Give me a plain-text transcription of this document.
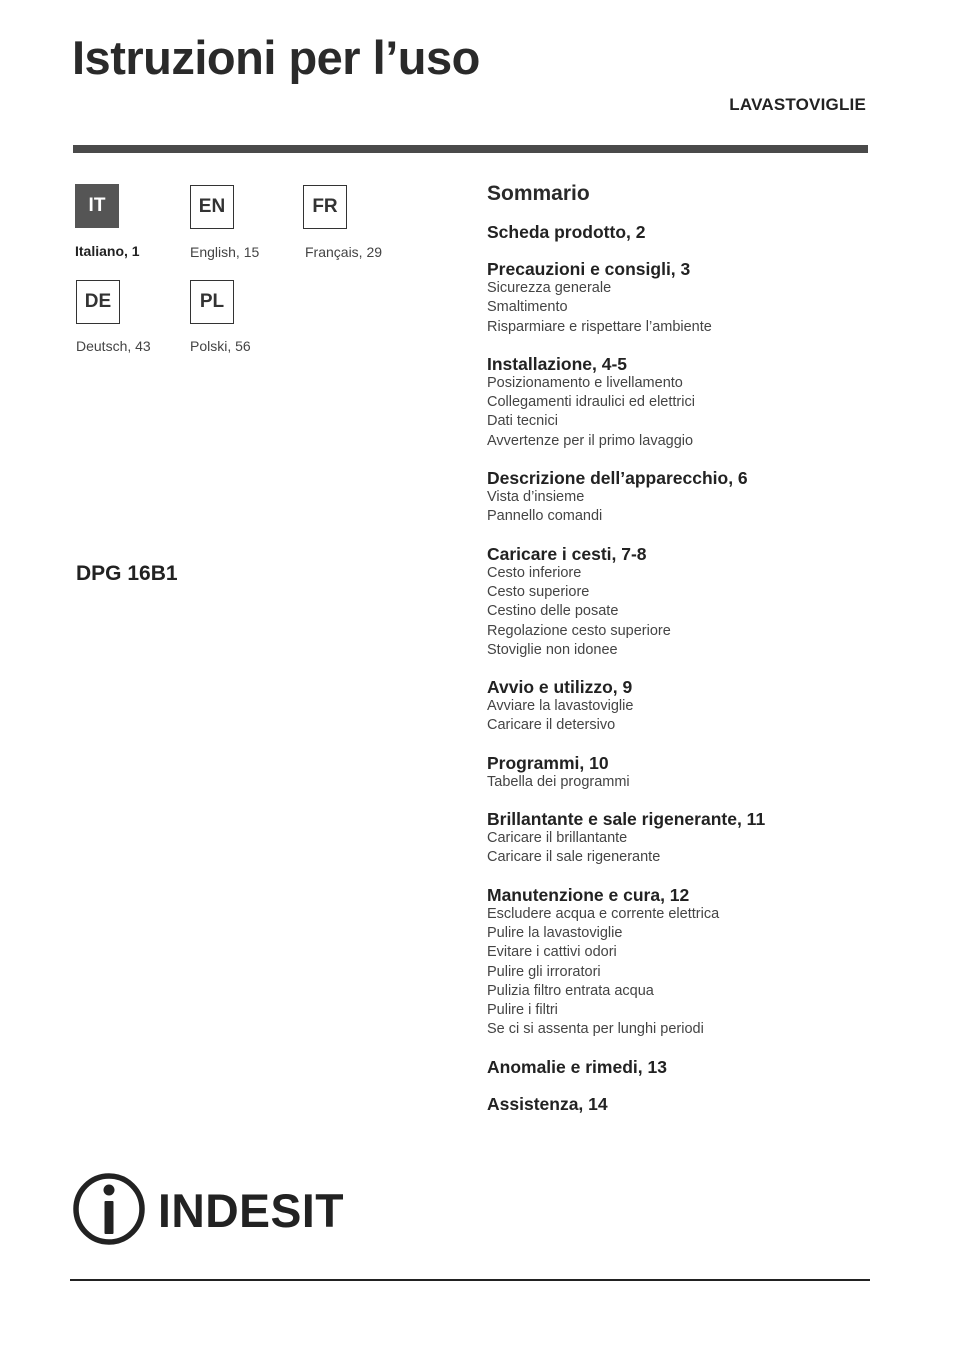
Istruzioni per l’uso
LAVASTOVIGLIE
IT
Italiano, 1
EN
English, 15
FR
Français, 29
DE
Deutsch, 43
PL
Polski, 56
DPG 16B1
Sommario
Scheda prodotto, 2
Precauzioni e consigli, 3
Sicurezza generale
Smaltimento
Risparmiare e rispettare l’ambiente
Installazione, 4-5
Posizionamento e livellamento
Collegamenti idraulici ed elettrici
Dati tecnici
Avvertenze per il primo lavaggio
Descrizione dell’apparecchio, 6
Vista d’insieme
Pannello comandi
Caricare i cesti, 7-8
Cesto inferiore
Cesto superiore
Cestino delle posate
Regolazione cesto superiore
Stoviglie non idonee
Avvio e utilizzo, 9
Avviare la lavastoviglie
Caricare il detersivo
Programmi, 10
Tabella dei programmi
Brillantante e sale rigenerante, 11
Caricare il brillantante
Caricare il sale rigenerante
Manutenzione e cura, 12
Escludere acqua e corrente elettrica
Pulire la lavastoviglie
Evitare i cattivi odori
Pulire gli irroratori
Pulizia filtro entrata acqua
Pulire i filtri
Se ci si assenta per lunghi periodi
Anomalie e rimedi, 13
Assistenza, 14
INDESIT
